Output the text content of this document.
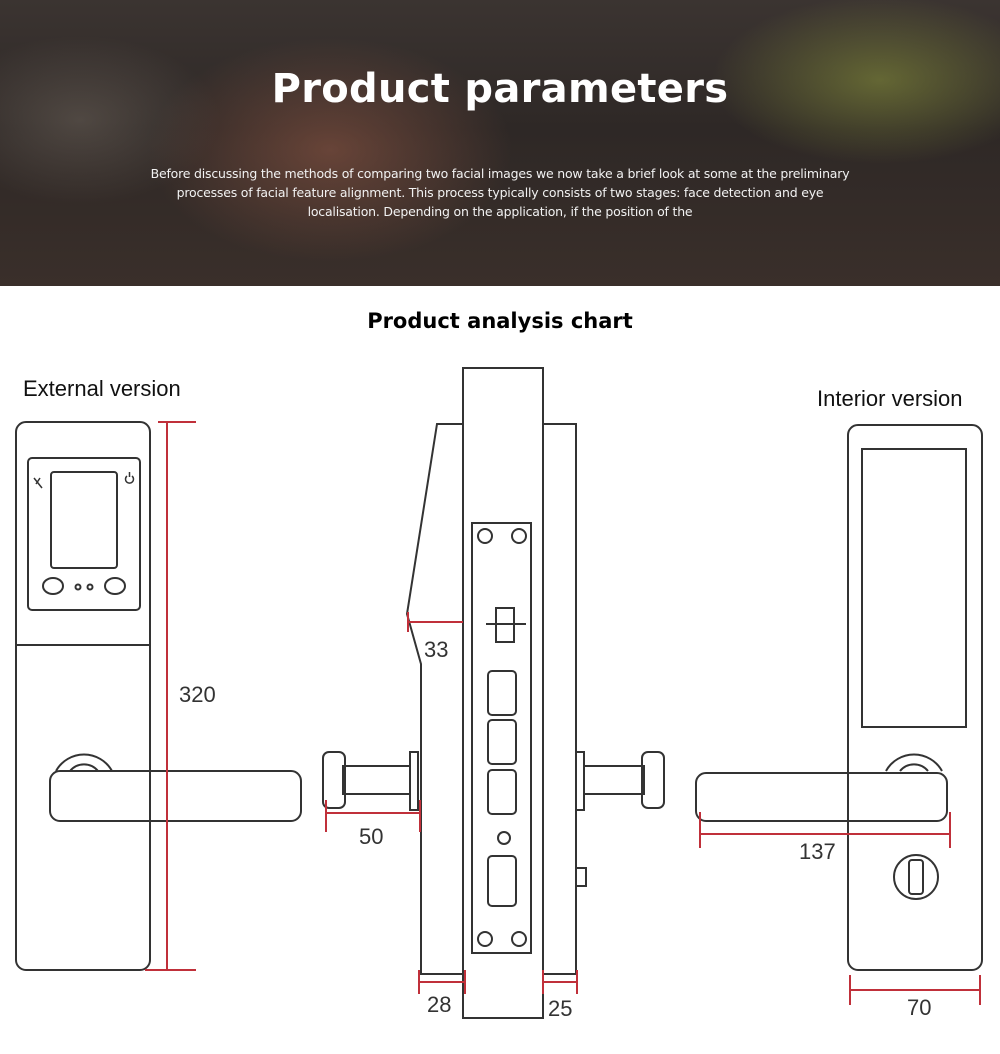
Product parameters
Before discussing the methods of comparing two facial images we now take a brief look at some at the preliminary processes of facial feature alignment. This process typically consists of two stages: face detection and eye localisation. Depending on the application, if the position of the
Product analysis chart
External version	Interior version
320
33
50
28	25
137
70
